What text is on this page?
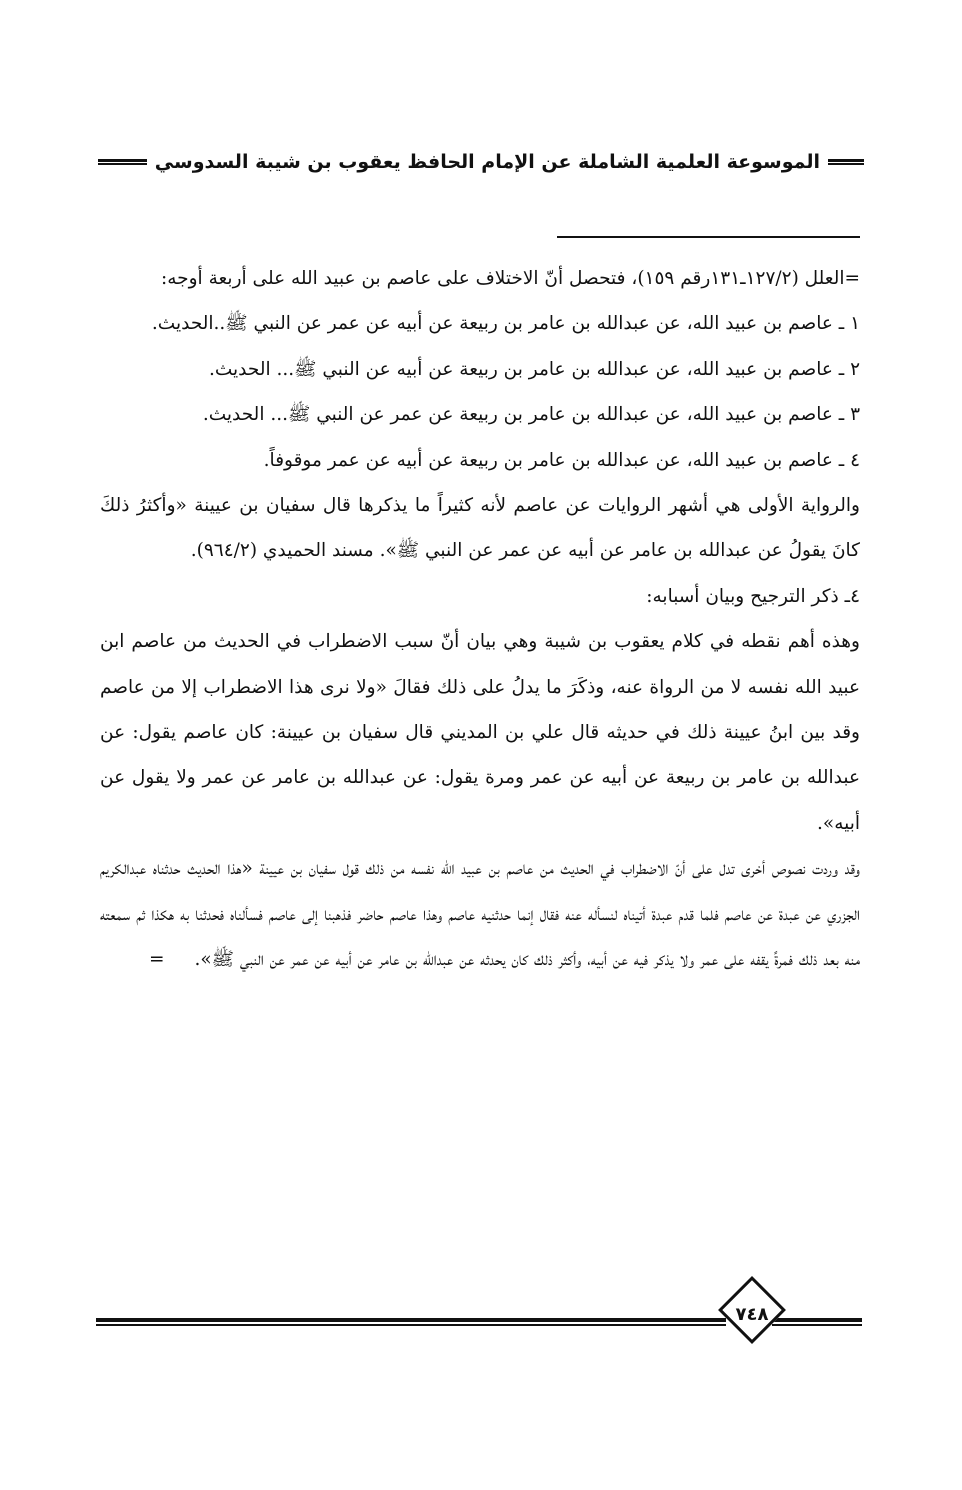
الموسوعة العلمية الشاملة عن الإمام الحافظ يعقوب بن شيبة السدوسي

=العلل (١٢٧/٢ـ١٣١رقم ١٥٩)، فتحصل أنّ الاختلاف على عاصم بن عبيد الله على أربعة أوجه:

١ ـ عاصم بن عبيد الله، عن عبدالله بن عامر بن ربيعة عن أبيه عن عمر عن النبي ﷺ..الحديث.

٢ ـ عاصم بن عبيد الله، عن عبدالله بن عامر بن ربيعة عن أبيه عن النبي ﷺ... الحديث.

٣ ـ عاصم بن عبيد الله، عن عبدالله بن عامر بن ربيعة عن عمر عن النبي ﷺ... الحديث.

٤ ـ عاصم بن عبيد الله، عن عبدالله بن عامر بن ربيعة عن أبيه عن عمر موقوفاً.

والرواية الأولى هي أشهر الروايات عن عاصم لأنه كثيراً ما يذكرها قال سفيان بن عيينة «وأكثرُ ذلكَ كانَ يقولُ عن عبدالله بن عامر عن أبيه عن عمر عن النبي ﷺ». مسند الحميدي (٩٦٤/٢).

٤ـ ذكر الترجيح وبيان أسبابه:

وهذه أهم نقطه في كلام يعقوب بن شيبة وهي بيان أنّ سبب الاضطراب في الحديث من عاصم ابن عبيد الله نفسه لا من الرواة عنه، وذكَرَ ما يدلُ على ذلك فقالَ «ولا نرى هذا الاضطراب إلا من عاصم وقد بين ابنُ عيينة ذلك في حديثه قال علي بن المديني قال سفيان بن عيينة: كان عاصم يقول: عن عبدالله بن عامر بن ربيعة عن أبيه عن عمر ومرة يقول: عن عبدالله بن عامر عن عمر ولا يقول عن أبيه».

وقد وردت نصوص أخرى تدل على أنّ الاضطراب في الحديث من عاصم بن عبيد الله نفسه من ذلك قول سفيان بن عيينة «هذا الحديث حدثناه عبدالكريم الجزري عن عبدة عن عاصم فلما قدم عبدة أتيناه لنسأله عنه فقال إنما حدثنيه عاصم وهذا عاصم حاضر فذهبنا إلى عاصم فسألناه فحدثنا به هكذا ثم سمعته منه بعد ذلك فمرةً يقفه على عمر ولا يذكر فيه عن أبيه، وأكثر ذلك كان يحدثه عن عبدالله بن عامر عن أبيه عن عمر عن النبي ﷺ».=

٧٤٨
